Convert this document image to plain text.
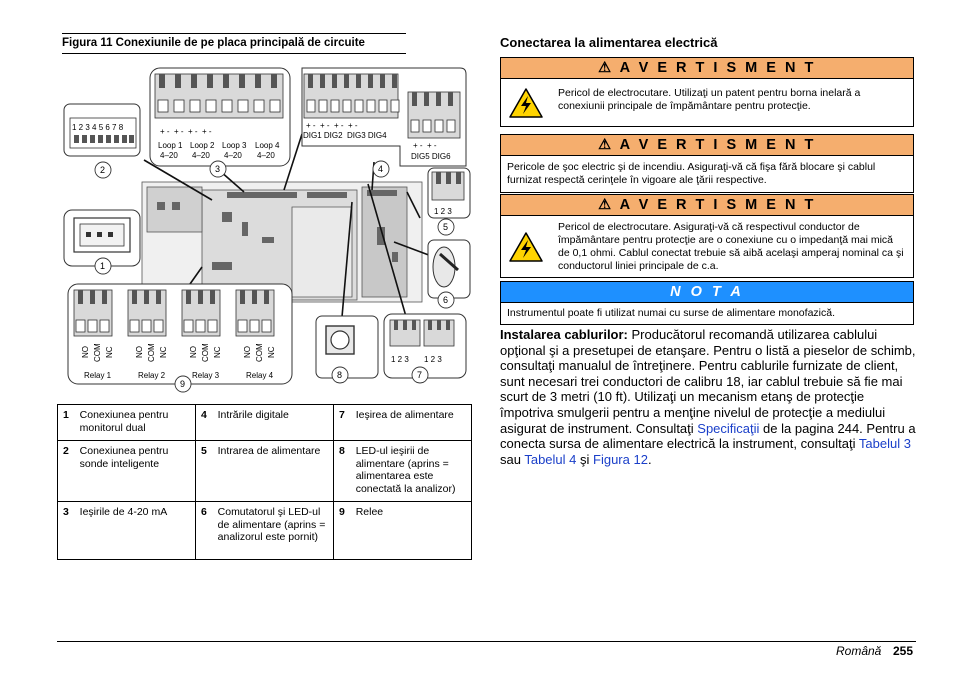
Figura 11 Conexiunile de pe placa principală de circuite
+ -  + -  + -  + -
Loop 1 Loop 2 Loop 3 Loop 4
4–20 4–20 4–20 4–20
+ -  + -  + -  + -
DIG1 DIG2  DIG3 DIG4
+ -  + -
DIG5 DIG6
1 2 3 4 5 6 7 8
1 2 3
1 2 3 1 2 3
NO COM NC	NO COM NC	NO COM NC	NO COM NC
Relay 1	Relay 2	Relay 3	Relay 4
1
2	3	4
5
6
7
8
9
1	Conexiunea pentru monitorul dual	4	Intrările digitale	7	Ieşirea de alimentare
2	Conexiunea pentru sonde inteligente	5	Intrarea de alimentare	8	LED-ul ieşirii de alimentare (aprins = alimentarea este conectată la analizor)
3	Ieşirile de 4-20 mA	6	Comutatorul şi LED-ul de alimentare (aprins = analizorul este pornit)	9	Relee
Conectarea la alimentarea electrică
⚠ A V E R T I S M E N T
Pericol de electrocutare. Utilizaţi un patent pentru borna inelară a conexiunii principale de împământare pentru protecţie.
⚠ A V E R T I S M E N T
Pericole de şoc electric şi de incendiu. Asiguraţi-vă că fişa fără blocare şi cablul furnizat respectă cerinţele în vigoare ale ţării respective.
⚠ A V E R T I S M E N T
Pericol de electrocutare. Asiguraţi-vă că respectivul conductor de împământare pentru protecţie are o conexiune cu o impedanţă mai mică de 0,1 ohmi. Cablul conectat trebuie să aibă acelaşi amperaj nominal ca şi conductorul liniei principale de c.a.
N O T A
Instrumentul poate fi utilizat numai cu surse de alimentare monofazică.
Instalarea cablurilor: Producătorul recomandă utilizarea cablului opţional şi a presetupei de etanşare. Pentru o listă a pieselor de schimb, consultaţi manualul de întreţinere. Pentru cablurile furnizate de client, sunt necesari trei conductori de calibru 18, iar cablul trebuie să fie mai scurt de 3 metri (10 ft). Utilizaţi un mecanism etanş de protecţie împotriva smulgerii pentru a menţine nivelul de protecţie a mediului asigurat de instrument. Consultaţi Specificaţii de la pagina 244. Pentru a conecta sursa de alimentare electrică la instrument, consultaţi Tabelul 3 sau Tabelul 4 şi Figura 12.
Română 255
